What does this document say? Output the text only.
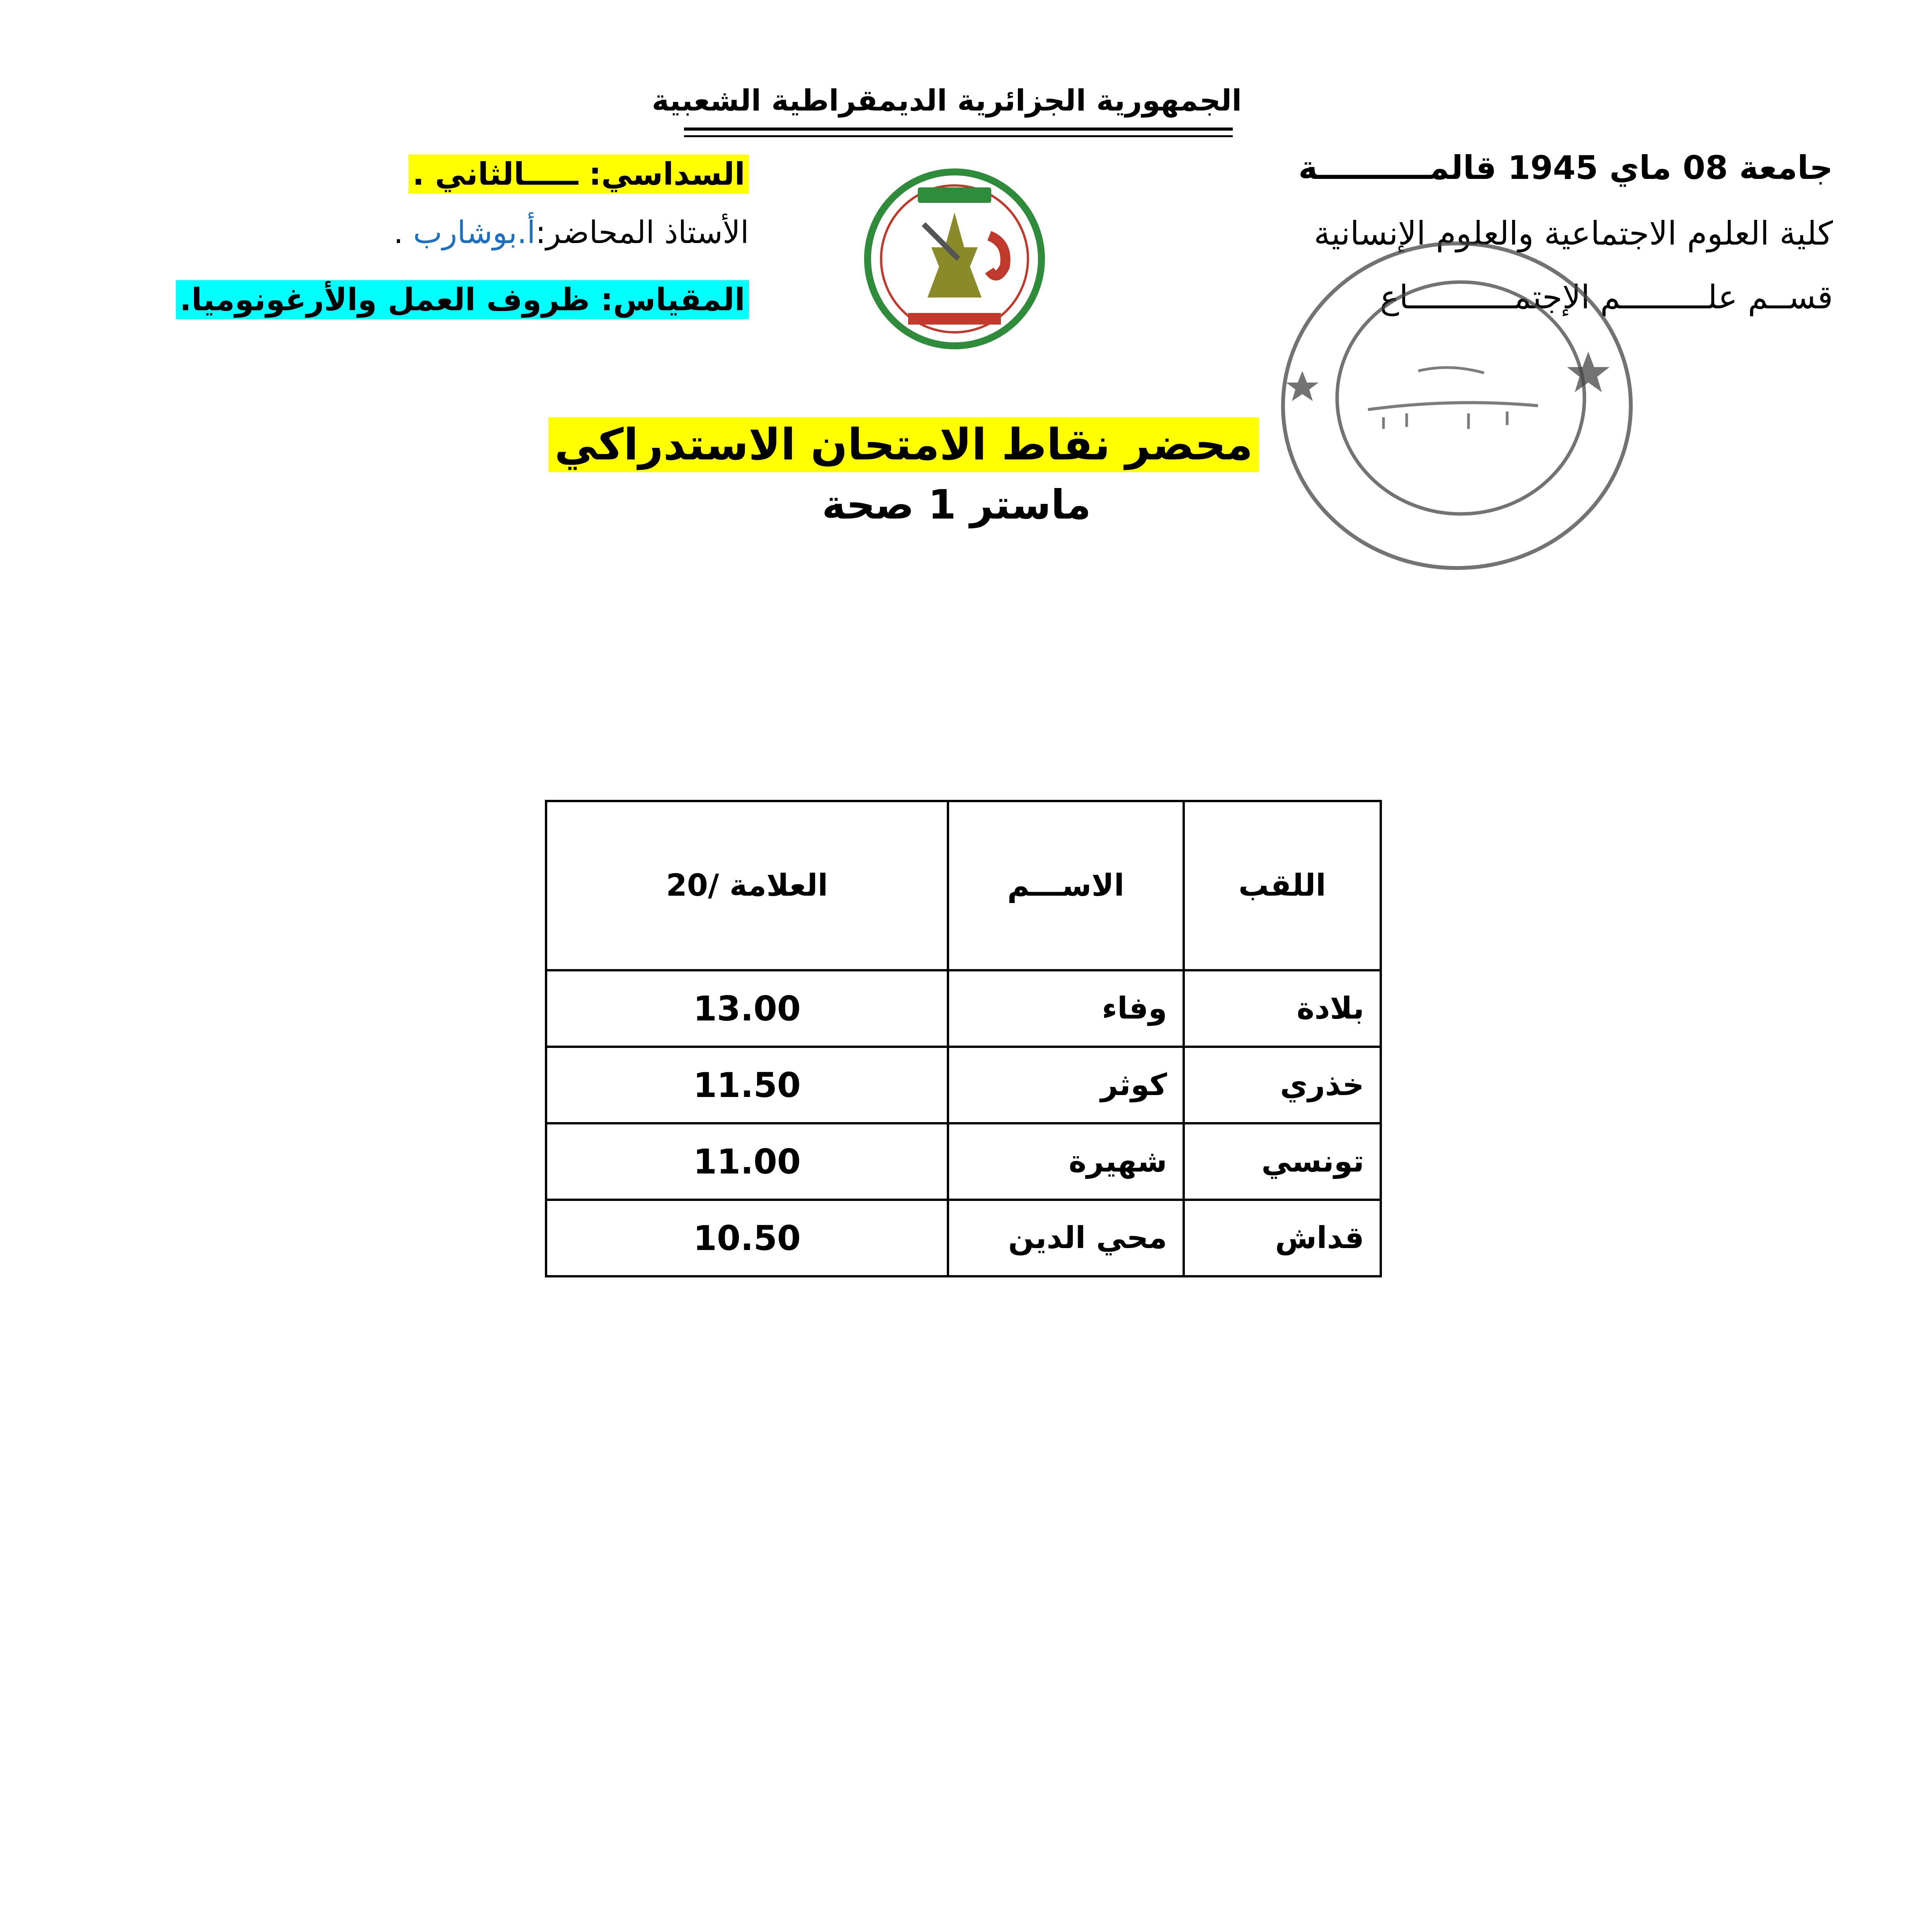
الجمهورية الجزائرية الديمقراطية الشعبية
جامعة 08 ماي 1945 قالمــــــــــة
كلية العلوم الاجتماعية والعلوم الإنسانية
قســم علـــــــــم الإجتمـــــــــــاع
السداسي: ـــــالثاني .
الأستاذ المحاضر:أ.بوشارب .
المقياس: ظروف العمل والأرغونوميا.
محضر نقاط الامتحان الاستدراكي
ماستر 1 صحة
اللقب	الاســـم	العلامة /20
بلادة	وفاء	13.00
خذري	كوثر	11.50
تونسي	شهيرة	11.00
قداش	محي الدين	10.50
